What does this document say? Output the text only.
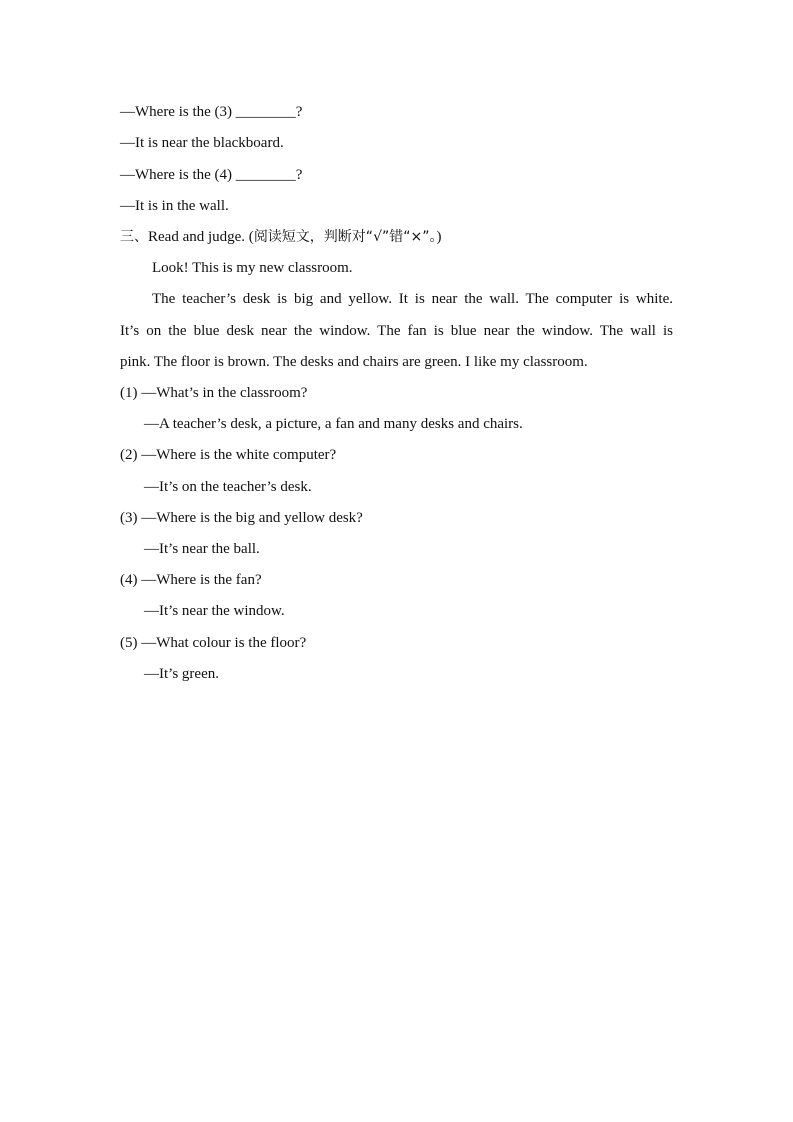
—Where is the (3) ________?
—It is near the blackboard.
—Where is the (4) ________?
—It is in the wall.
三、Read and judge. (阅读短文，判断对“√”错“×”。)
Look! This is my new classroom.
The teacher’s desk is big and yellow. It is near the wall. The computer is white.
It’s on the blue desk near the window. The fan is blue near the window. The wall is
pink. The floor is brown. The desks and chairs are green. I like my classroom.
(1) —What’s in the classroom?
—A teacher’s desk, a picture, a fan and many desks and chairs.
(2) —Where is the white computer?
—It’s on the teacher’s desk.
(3) —Where is the big and yellow desk?
—It’s near the ball.
(4) —Where is the fan?
—It’s near the window.
(5) —What colour is the floor?
—It’s green.
